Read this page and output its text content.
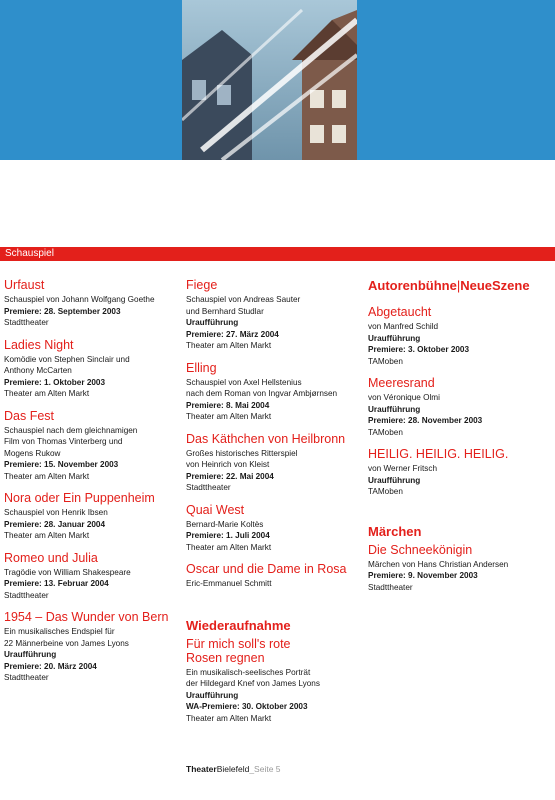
Schauspiel
Urfaust
Schauspiel von Johann Wolfgang Goethe
Premiere: 28. September 2003
Stadttheater
Ladies Night
Komödie von Stephen Sinclair und
Anthony McCarten
Premiere: 1. Oktober 2003
Theater am Alten Markt
Das Fest
Schauspiel nach dem gleichnamigen
Film von Thomas Vinterberg und
Mogens Rukow
Premiere: 15. November 2003
Theater am Alten Markt
Nora oder Ein Puppenheim
Schauspiel von Henrik Ibsen
Premiere: 28. Januar 2004
Theater am Alten Markt
Romeo und Julia
Tragödie von William Shakespeare
Premiere: 13. Februar 2004
Stadttheater
1954 – Das Wunder von Bern
Ein musikalisches Endspiel für
22 Männerbeine von James Lyons
Uraufführung
Premiere: 20. März 2004
Stadttheater
Fiege
Schauspiel von Andreas Sauter
und Bernhard Studlar
Uraufführung
Premiere: 27. März 2004
Theater am Alten Markt
Elling
Schauspiel von Axel Hellstenius
nach dem Roman von Ingvar Ambjørnsen
Premiere: 8. Mai 2004
Theater am Alten Markt
Das Käthchen von Heilbronn
Großes historisches Ritterspiel
von Heinrich von Kleist
Premiere: 22. Mai 2004
Stadttheater
Quai West
Bernard-Marie Koltès
Premiere: 1. Juli 2004
Theater am Alten Markt
Oscar und die Dame in Rosa
Eric-Emmanuel Schmitt
Wiederaufnahme
Für mich soll's rote
Rosen regnen
Ein musikalisch-seelisches Porträt
der Hildegard Knef von James Lyons
Uraufführung
WA-Premiere: 30. Oktober 2003
Theater am Alten Markt
Autorenbühne|NeueSzene
Abgetaucht
von Manfred Schild
Uraufführung
Premiere: 3. Oktober 2003
TAMoben
Meeresrand
von Véronique Olmi
Uraufführung
Premiere: 28. November 2003
TAMoben
HEILIG. HEILIG. HEILIG.
von Werner Fritsch
Uraufführung
TAMoben
Märchen
Die Schneekönigin
Märchen von Hans Christian Andersen
Premiere: 9. November 2003
Stadttheater
TheaterBielefeld_Seite 5
